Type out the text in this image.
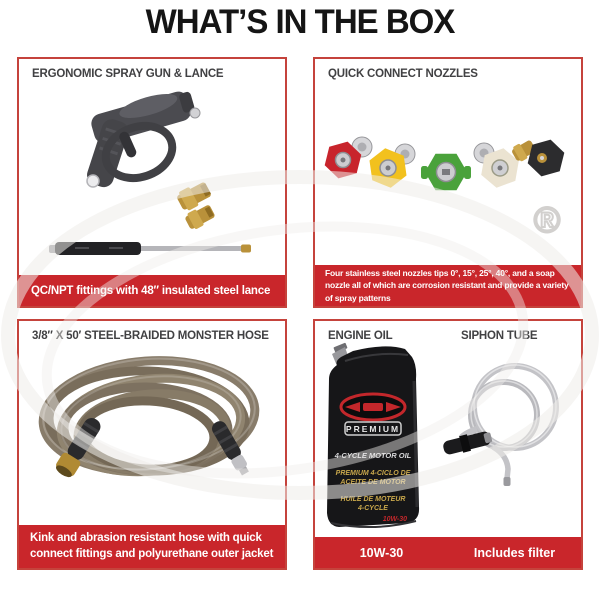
WHAT’S IN THE BOX
ERGONOMIC SPRAY GUN & LANCE
QC/NPT fittings with 48″ insulated steel lance
QUICK CONNECT NOZZLES
Four stainless steel nozzles tips 0°, 15°, 25°, 40°, and a soap nozzle all of which are corrosion resistant and provide a variety of spray patterns
3/8″ X 50′ STEEL-BRAIDED MONSTER HOSE
Kink and abrasion resistant hose with quick connect fittings and polyurethane outer jacket
ENGINE OIL	SIPHON TUBE
PREMIUM
4-CYCLE MOTOR OIL
PREMIUM 4-CICLO DE
ACEITE DE MOTOR
HUILE DE MOTEUR
4-CYCLE
10W-30
10W-30	Includes filter
®
